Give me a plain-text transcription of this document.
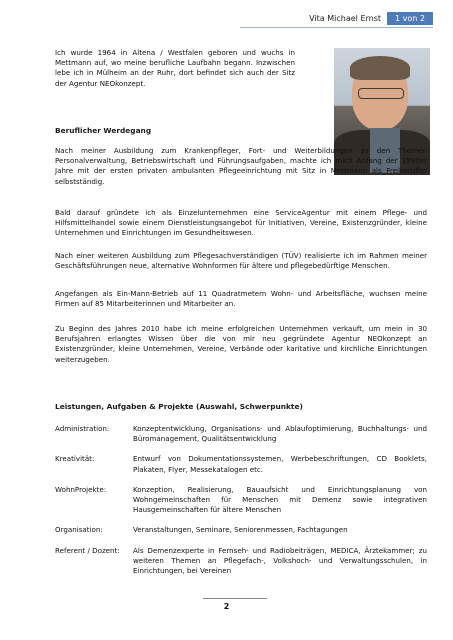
Vita Michael Ernst	1 von 2

Ich wurde 1964 in Altena / Westfalen geboren und wuchs in Mettmann auf, wo meine berufliche Laufbahn begann. Inzwischen lebe ich in Mülheim an der Ruhr, dort befindet sich auch der Sitz der Agentur NEOkonzept.

Beruflicher Werdegang

Nach meiner Ausbildung zum Krankenpfleger, Fort- und Weiterbildungen zu den Themen Personalverwaltung, Betriebswirtschaft und Führungsaufgaben, machte ich mich Anfang der 1990er Jahre mit der ersten privaten ambulanten Pflegeeinrichtung mit Sitz in Mettmann als Freiberufler selbstständig.

Bald darauf gründete ich als Einzelunternehmen eine ServiceAgentur mit einem Pflege- und Hilfsmittelhandel sowie einem Dienstleistungsangebot für Initiativen, Vereine, Existenzgründer, kleine Unternehmen und Einrichtungen im Gesundheitswesen.

Nach einer weiteren Ausbildung zum Pflegesachverständigen (TÜV) realisierte ich im Rahmen meiner Geschäftsführungen neue, alternative Wohnformen für ältere und pflegebedürftige Menschen.

Angefangen als Ein-Mann-Betrieb auf 11 Quadratmetern Wohn- und Arbeitsfläche, wuchsen meine Firmen auf 85 Mitarbeiterinnen und Mitarbeiter an.

Zu Beginn des Jahres 2010 habe ich meine erfolgreichen Unternehmen verkauft, um mein in 30 Berufsjahren erlangtes Wissen über die von mir neu gegründete Agentur NEOkonzept an Existenzgründer, kleine Unternehmen, Vereine, Verbände oder karitative und kirchliche Einrichtungen weiterzugeben.

Leistungen, Aufgaben & Projekte (Auswahl, Schwerpunkte)
Administration:	Konzeptentwicklung, Organisations- und Ablaufoptimierung, Buchhaltungs- und Büromanagement, Qualitätsentwicklung
Kreativität:	Entwurf von Dokumentationssystemen, Werbebeschriftungen, CD Booklets, Plakaten, Flyer, Messekatalogen etc.
WohnProjekte:	Konzeption, Realisierung, Bauaufsicht und Einrichtungsplanung von Wohngemeinschaften für Menschen mit Demenz sowie integrativen Hausgemeinschaften für ältere Menschen
Organisation:	Veranstaltungen, Seminare, Seniorenmessen, Fachtagungen
Referent / Dozent:	Als Demenzexperte in Fernseh- und Radiobeiträgen, MEDICA, Ärztekammer; zu weiteren Themen an Pflegefach-, Volkshoch- und Verwaltungsschulen, in Einrichtungen, bei Vereinen
2
